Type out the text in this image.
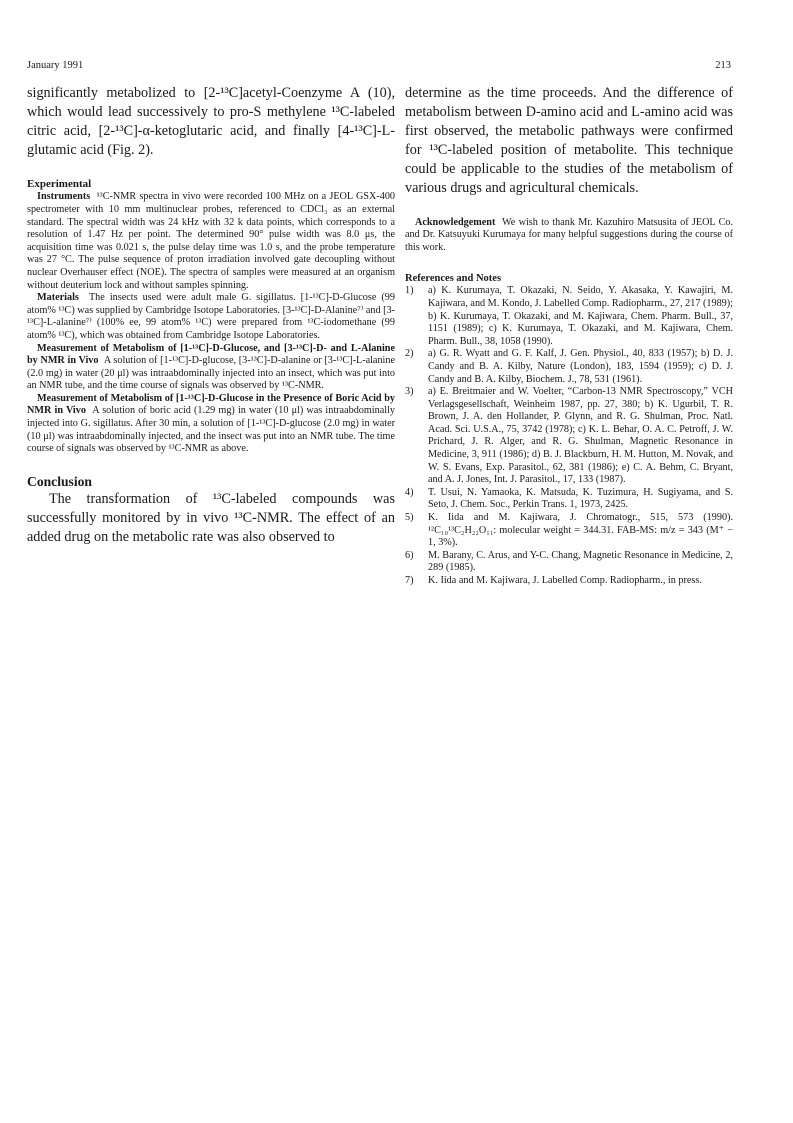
January 1991	213

significantly metabolized to [2-¹³C]acetyl-Coenzyme A (10), which would lead successively to pro-S methylene ¹³C-labeled citric acid, [2-¹³C]-α-ketoglutaric acid, and finally [4-¹³C]-L-glutamic acid (Fig. 2).

Experimental

Instruments ¹³C-NMR spectra in vivo were recorded 100 MHz on a JEOL GSX-400 spectrometer with 10 mm multinuclear probes, referenced to CDCl₃ as an external standard. The spectral width was 24 kHz with 32 k data points, which corresponds to a resolution of 1.47 Hz per point. The determined 90° pulse width was 8.0 μs, the acquisition time was 0.021 s, the pulse delay time was 1.0 s, and the probe temperature was 27 °C. The pulse sequence of proton irradiation involved gate decoupling without nuclear Overhauser effect (NOE). The spectra of samples were measured at an organism without deuterium lock and without samples spinning.

Materials The insects used were adult male G. sigillatus. [1-¹³C]-D-Glucose (99 atom% ¹³C) was supplied by Cambridge Isotope Laboratories. [3-¹³C]-D-Alanine⁷⁾ and [3-¹³C]-L-alanine⁷⁾ (100% ee, 99 atom% ¹³C) were prepared from ¹³C-iodomethane (99 atom% ¹³C), which was obtained from Cambridge Isotope Laboratories.

Measurement of Metabolism of [1-¹³C]-D-Glucose, and [3-¹³C]-D- and L-Alanine by NMR in Vivo A solution of [1-¹³C]-D-glucose, [3-¹³C]-D-alanine or [3-¹³C]-L-alanine (2.0 mg) in water (20 μl) was intraabdominally injected into an insect, which was put into an NMR tube, and the time course of signals was observed by ¹³C-NMR.

Measurement of Metabolism of [1-¹³C]-D-Glucose in the Presence of Boric Acid by NMR in Vivo A solution of boric acid (1.29 mg) in water (10 μl) was intraabdominally injected into G. sigillatus. After 30 min, a solution of [1-¹³C]-D-glucose (2.0 mg) in water (10 μl) was intraabdominally injected, and the insect was put into an NMR tube. The time course of signals was observed by ¹³C-NMR as above.

Conclusion

The transformation of ¹³C-labeled compounds was successfully monitored by in vivo ¹³C-NMR. The effect of an added drug on the metabolic rate was also observed to

determine as the time proceeds. And the difference of metabolism between D-amino acid and L-amino acid was first observed, the metabolic pathways were confirmed for ¹³C-labeled position of metabolite. This technique could be applicable to the studies of the metabolism of various drugs and agricultural chemicals.

Acknowledgement We wish to thank Mr. Kazuhiro Matsusita of JEOL Co. and Dr. Katsuyuki Kurumaya for many helpful suggestions during the course of this work.

References and Notes
1) a) K. Kurumaya, T. Okazaki, N. Seido, Y. Akasaka, Y. Kawajiri, M. Kajiwara, and M. Kondo, J. Labelled Comp. Radiopharm., 27, 217 (1989); b) K. Kurumaya, T. Okazaki, and M. Kajiwara, Chem. Pharm. Bull., 37, 1151 (1989); c) K. Kurumaya, T. Okazaki, and M. Kajiwara, Chem. Pharm. Bull., 38, 1058 (1990).
2) a) G. R. Wyatt and G. F. Kalf, J. Gen. Physiol., 40, 833 (1957); b) D. J. Candy and B. A. Kilby, Nature (London), 183, 1594 (1959); c) D. J. Candy and B. A. Kilby, Biochem. J., 78, 531 (1961).
3) a) E. Breitmaier and W. Voelter, “Carbon-13 NMR Spectroscopy,” VCH Verlagsgesellschaft, Weinheim 1987, pp. 27, 380; b) K. Ugurbil, T. R. Brown, J. A. den Hollander, P. Glynn, and R. G. Shulman, Proc. Natl. Acad. Sci. U.S.A., 75, 3742 (1978); c) K. L. Behar, O. A. C. Petroff, J. W. Prichard, J. R. Alger, and R. G. Shulman, Magnetic Resonance in Medicine, 3, 911 (1986); d) B. J. Blackburn, H. M. Hutton, M. Novak, and W. S. Evans, Exp. Parasitol., 62, 381 (1986); e) C. A. Behm, C. Bryant, and A. J. Jones, Int. J. Parasitol., 17, 133 (1987).
4) T. Usui, N. Yamaoka, K. Matsuda, K. Tuzimura, H. Sugiyama, and S. Seto, J. Chem. Soc., Perkin Trans. 1, 1973, 2425.
5) K. Iida and M. Kajiwara, J. Chromatogr., 515, 573 (1990). ¹²C₁₀¹³C₂H₂₂O₁₁: molecular weight = 344.31. FAB-MS: m/z = 343 (M⁺ − 1, 3%).
6) M. Barany, C. Arus, and Y-C. Chang, Magnetic Resonance in Medicine, 2, 289 (1985).
7) K. Iida and M. Kajiwara, J. Labelled Comp. Radiopharm., in press.
